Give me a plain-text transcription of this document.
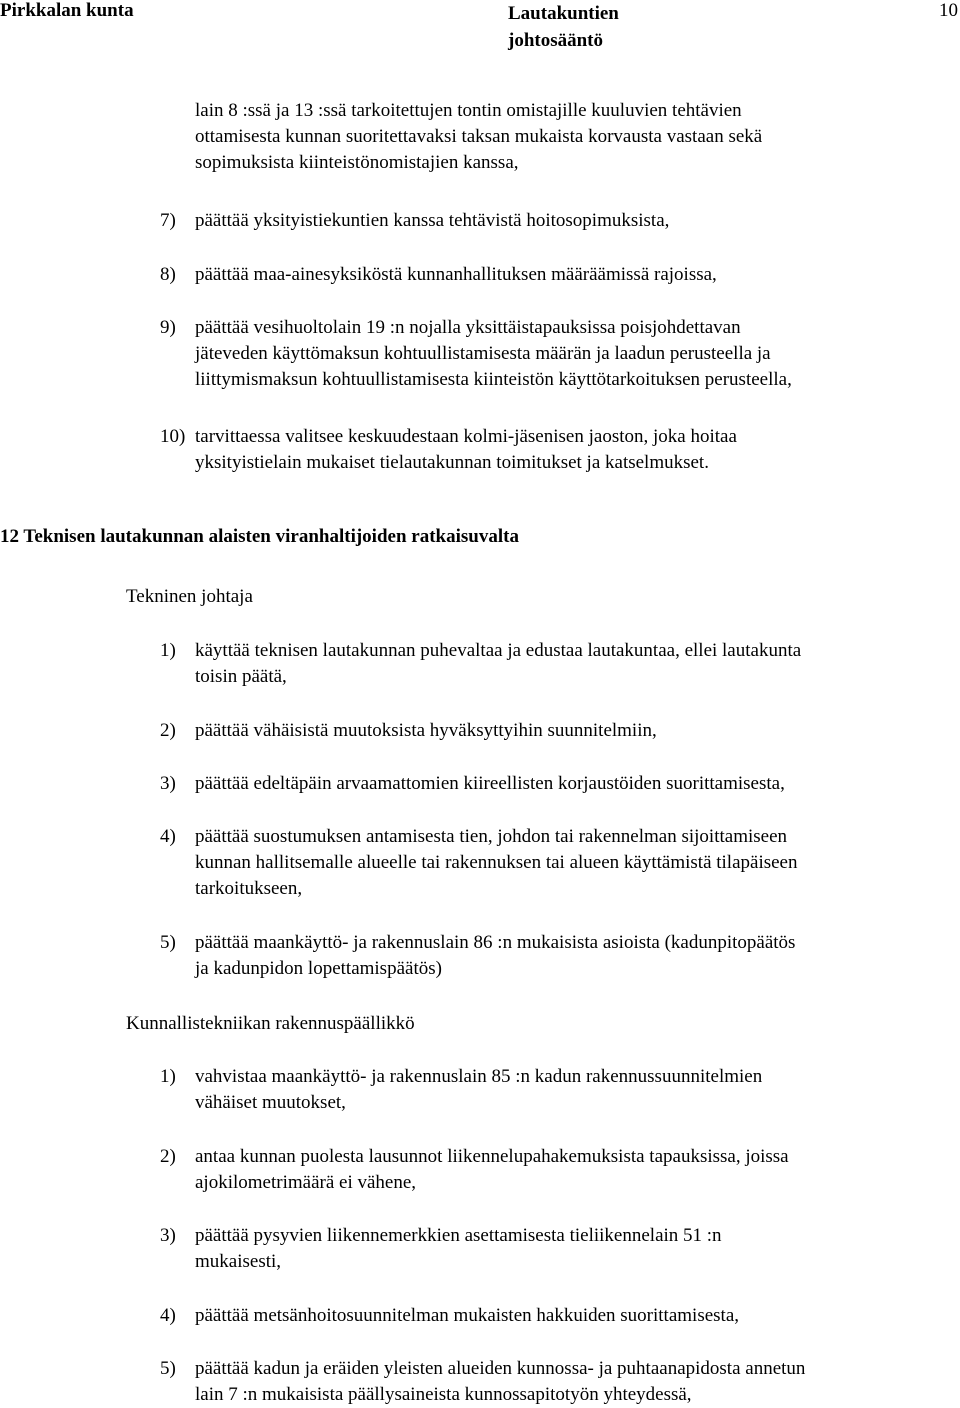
Pirkkalan kunta	Lautakuntien
johtosääntö
10
lain 8 :ssä ja 13 :ssä tarkoitettujen tontin omistajille kuuluvien tehtävien
ottamisesta kunnan suoritettavaksi taksan mukaista korvausta vastaan sekä
sopimuksista kiinteistönomistajien kanssa,
7) päättää yksityistiekuntien kanssa tehtävistä hoitosopimuksista,
8) päättää maa-ainesyksiköstä kunnanhallituksen määräämissä rajoissa,
9) päättää vesihuoltolain 19 :n nojalla yksittäistapauksissa poisjohdettavan
jäteveden käyttömaksun kohtuullistamisesta määrän ja laadun perusteella ja
liittymismaksun kohtuullistamisesta kiinteistön käyttötarkoituksen perusteella,
10) tarvittaessa valitsee keskuudestaan kolmi-jäsenisen jaoston, joka hoitaa
yksityistielain mukaiset tielautakunnan toimitukset ja katselmukset.
12 Teknisen lautakunnan alaisten viranhaltijoiden ratkaisuvalta
Tekninen johtaja
1) käyttää teknisen lautakunnan puhevaltaa ja edustaa lautakuntaa, ellei lautakunta
toisin päätä,
2) päättää vähäisistä muutoksista hyväksyttyihin suunnitelmiin,
3) päättää edeltäpäin arvaamattomien kiireellisten korjaustöiden suorittamisesta,
4) päättää suostumuksen antamisesta tien, johdon tai rakennelman sijoittamiseen
kunnan hallitsemalle alueelle tai rakennuksen tai alueen käyttämistä tilapäiseen
tarkoitukseen,
5) päättää maankäyttö- ja rakennuslain 86 :n mukaisista asioista (kadunpitopäätös
ja kadunpidon lopettamispäätös)
Kunnallistekniikan rakennuspäällikkö
1) vahvistaa maankäyttö- ja rakennuslain 85 :n kadun rakennussuunnitelmien
vähäiset muutokset,
2) antaa kunnan puolesta lausunnot liikennelupahakemuksista tapauksissa, joissa
ajokilometrimäärä ei vähene,
3) päättää pysyvien liikennemerkkien asettamisesta tieliikennelain 51 :n
mukaisesti,
4) päättää metsänhoitosuunnitelman mukaisten hakkuiden suorittamisesta,
5) päättää kadun ja eräiden yleisten alueiden kunnossa- ja puhtaanapidosta annetun
lain 7 :n mukaisista päällysaineista kunnossapitotyön yhteydessä,
